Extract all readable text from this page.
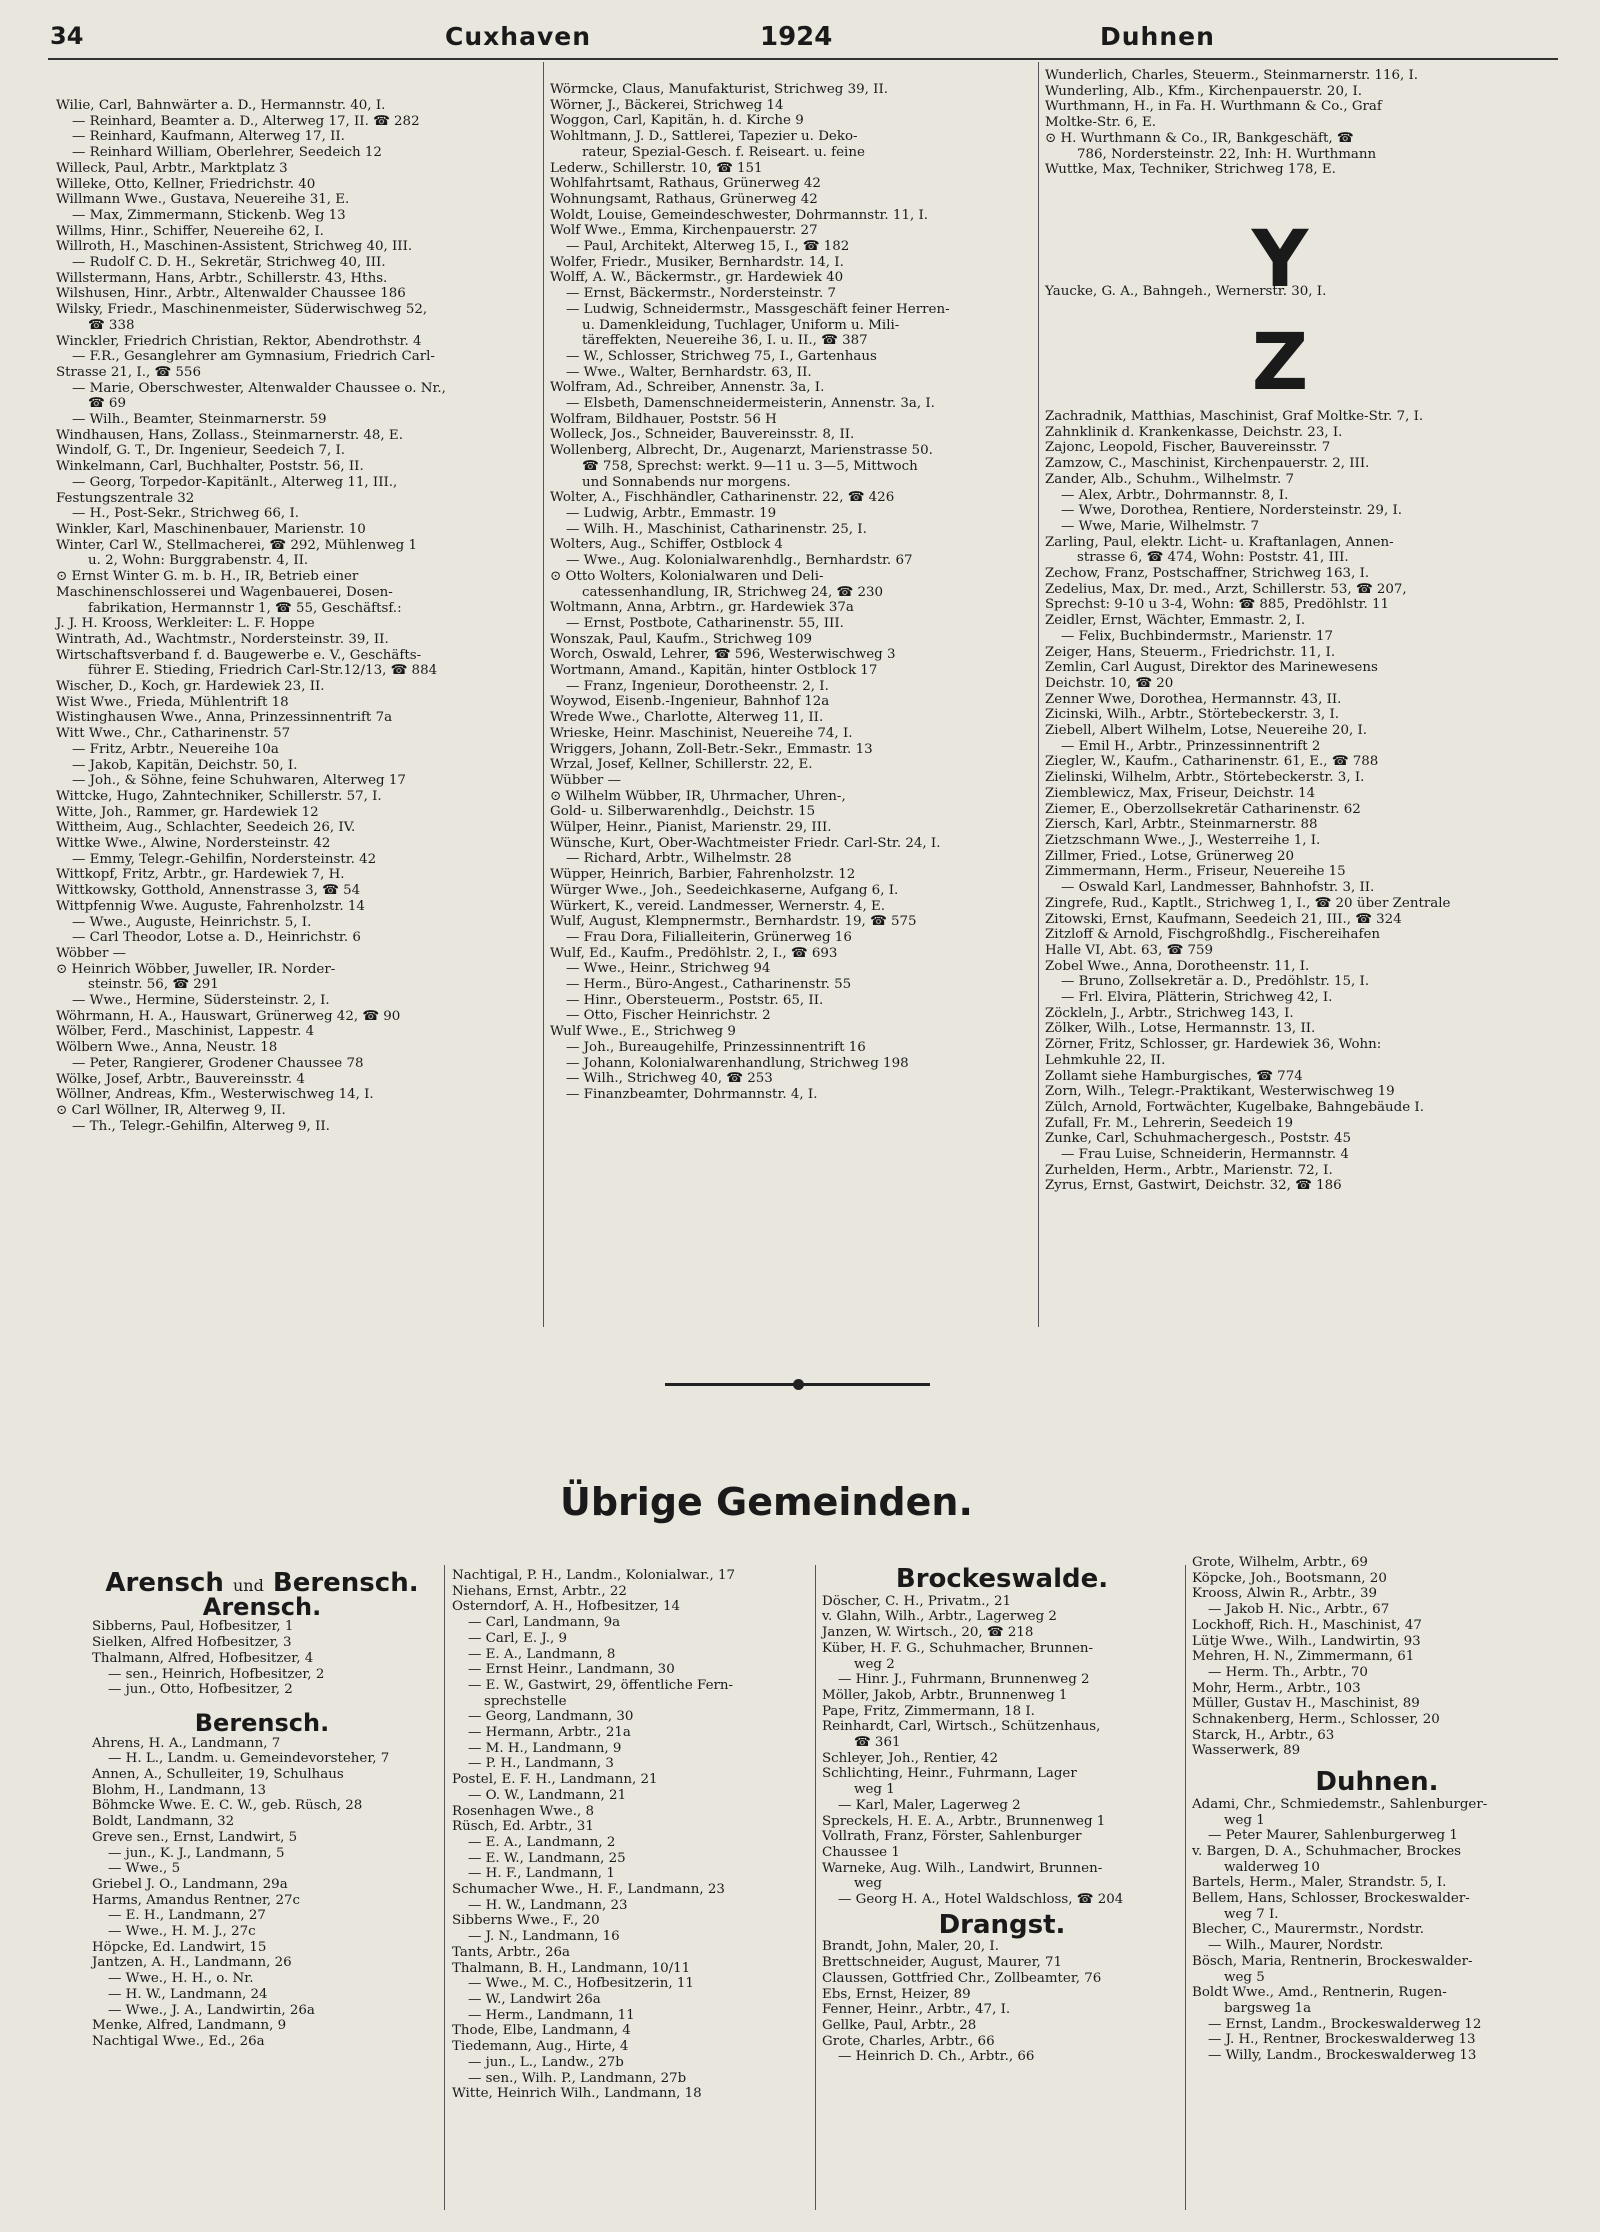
34	Cuxhaven	1924	Duhnen
Wilie, Carl, Bahnwärter a. D., Hermannstr. 40, I.
— Reinhard, Beamter a. D., Alterweg 17, II. ☎ 282
— Reinhard, Kaufmann, Alterweg 17, II.
— Reinhard William, Oberlehrer, Seedeich 12
Willeck, Paul, Arbtr., Marktplatz 3
Willeke, Otto, Kellner, Friedrichstr. 40
Willmann Wwe., Gustava, Neuereihe 31, E.
— Max, Zimmermann, Stickenb. Weg 13
Willms, Hinr., Schiffer, Neuereihe 62, I.
Willroth, H., Maschinen-Assistent, Strichweg 40, III.
— Rudolf C. D. H., Sekretär, Strichweg 40, III.
Willstermann, Hans, Arbtr., Schillerstr. 43, Hths.
Wilshusen, Hinr., Arbtr., Altenwalder Chaussee 186
Wilsky, Friedr., Maschinenmeister, Süderwischweg 52,
☎ 338
Winckler, Friedrich Christian, Rektor, Abendrothstr. 4
— F.R., Gesanglehrer am Gymnasium, Friedrich Carl-
Strasse 21, I., ☎ 556
— Marie, Oberschwester, Altenwalder Chaussee o. Nr.,
☎ 69
— Wilh., Beamter, Steinmarnerstr. 59
Windhausen, Hans, Zollass., Steinmarnerstr. 48, E.
Windolf, G. T., Dr. Ingenieur, Seedeich 7, I.
Winkelmann, Carl, Buchhalter, Poststr. 56, II.
— Georg, Torpedor-Kapitänlt., Alterweg 11, III.,
Festungszentrale 32
— H., Post-Sekr., Strichweg 66, I.
Winkler, Karl, Maschinenbauer, Marienstr. 10
Winter, Carl W., Stellmacherei, ☎ 292, Mühlenweg 1
u. 2, Wohn: Burggrabenstr. 4, II.
⊙ Ernst Winter G. m. b. H., IR, Betrieb einer
Maschinenschlosserei und Wagenbauerei, Dosen-
fabrikation, Hermannstr 1, ☎ 55, Geschäftsf.:
J. J. H. Krooss, Werkleiter: L. F. Hoppe
Wintrath, Ad., Wachtmstr., Nordersteinstr. 39, II.
Wirtschaftsverband f. d. Baugewerbe e. V., Geschäfts-
führer E. Stieding, Friedrich Carl-Str.12/13, ☎ 884
Wischer, D., Koch, gr. Hardewiek 23, II.
Wist Wwe., Frieda, Mühlentrift 18
Wistinghausen Wwe., Anna, Prinzessinnentrift 7a
Witt Wwe., Chr., Catharinenstr. 57
— Fritz, Arbtr., Neuereihe 10a
— Jakob, Kapitän, Deichstr. 50, I.
— Joh., & Söhne, feine Schuhwaren, Alterweg 17
Wittcke, Hugo, Zahntechniker, Schillerstr. 57, I.
Witte, Joh., Rammer, gr. Hardewiek 12
Wittheim, Aug., Schlachter, Seedeich 26, IV.
Wittke Wwe., Alwine, Nordersteinstr. 42
— Emmy, Telegr.-Gehilfin, Nordersteinstr. 42
Wittkopf, Fritz, Arbtr., gr. Hardewiek 7, H.
Wittkowsky, Gotthold, Annenstrasse 3, ☎ 54
Wittpfennig Wwe. Auguste, Fahrenholzstr. 14
— Wwe., Auguste, Heinrichstr. 5, I.
— Carl Theodor, Lotse a. D., Heinrichstr. 6
Wöbber —
⊙ Heinrich Wöbber, Juweller, IR. Norder-
steinstr. 56, ☎ 291
— Wwe., Hermine, Südersteinstr. 2, I.
Wöhrmann, H. A., Hauswart, Grünerweg 42, ☎ 90
Wölber, Ferd., Maschinist, Lappestr. 4
Wölbern Wwe., Anna, Neustr. 18
— Peter, Rangierer, Grodener Chaussee 78
Wölke, Josef, Arbtr., Bauvereinsstr. 4
Wöllner, Andreas, Kfm., Westerwischweg 14, I.
⊙ Carl Wöllner, IR, Alterweg 9, II.
— Th., Telegr.-Gehilfin, Alterweg 9, II.
Wörmcke, Claus, Manufakturist, Strichweg 39, II.
Wörner, J., Bäckerei, Strichweg 14
Woggon, Carl, Kapitän, h. d. Kirche 9
Wohltmann, J. D., Sattlerei, Tapezier u. Deko-
rateur, Spezial-Gesch. f. Reiseart. u. feine
Lederw., Schillerstr. 10, ☎ 151
Wohlfahrtsamt, Rathaus, Grünerweg 42
Wohnungsamt, Rathaus, Grünerweg 42
Woldt, Louise, Gemeindeschwester, Dohrmannstr. 11, I.
Wolf Wwe., Emma, Kirchenpauerstr. 27
— Paul, Architekt, Alterweg 15, I., ☎ 182
Wolfer, Friedr., Musiker, Bernhardstr. 14, I.
Wolff, A. W., Bäckermstr., gr. Hardewiek 40
— Ernst, Bäckermstr., Nordersteinstr. 7
— Ludwig, Schneidermstr., Massgeschäft feiner Herren-
u. Damenkleidung, Tuchlager, Uniform u. Mili-
täreffekten, Neuereihe 36, I. u. II., ☎ 387
— W., Schlosser, Strichweg 75, I., Gartenhaus
— Wwe., Walter, Bernhardstr. 63, II.
Wolfram, Ad., Schreiber, Annenstr. 3a, I.
— Elsbeth, Damenschneidermeisterin, Annenstr. 3a, I.
Wolfram, Bildhauer, Poststr. 56 H
Wolleck, Jos., Schneider, Bauvereinsstr. 8, II.
Wollenberg, Albrecht, Dr., Augenarzt, Marienstrasse 50.
☎ 758, Sprechst: werkt. 9—11 u. 3—5, Mittwoch
und Sonnabends nur morgens.
Wolter, A., Fischhändler, Catharinenstr. 22, ☎ 426
— Ludwig, Arbtr., Emmastr. 19
— Wilh. H., Maschinist, Catharinenstr. 25, I.
Wolters, Aug., Schiffer, Ostblock 4
— Wwe., Aug. Kolonialwarenhdlg., Bernhardstr. 67
⊙ Otto Wolters, Kolonialwaren und Deli-
catessenhandlung, IR, Strichweg 24, ☎ 230
Woltmann, Anna, Arbtrn., gr. Hardewiek 37a
— Ernst, Postbote, Catharinenstr. 55, III.
Wonszak, Paul, Kaufm., Strichweg 109
Worch, Oswald, Lehrer, ☎ 596, Westerwischweg 3
Wortmann, Amand., Kapitän, hinter Ostblock 17
— Franz, Ingenieur, Dorotheenstr. 2, I.
Woywod, Eisenb.-Ingenieur, Bahnhof 12a
Wrede Wwe., Charlotte, Alterweg 11, II.
Wrieske, Heinr. Maschinist, Neuereihe 74, I.
Wriggers, Johann, Zoll-Betr.-Sekr., Emmastr. 13
Wrzal, Josef, Kellner, Schillerstr. 22, E.
Wübber —
⊙ Wilhelm Wübber, IR, Uhrmacher, Uhren-,
Gold- u. Silberwarenhdlg., Deichstr. 15
Wülper, Heinr., Pianist, Marienstr. 29, III.
Wünsche, Kurt, Ober-Wachtmeister Friedr. Carl-Str. 24, I.
— Richard, Arbtr., Wilhelmstr. 28
Wüpper, Heinrich, Barbier, Fahrenholzstr. 12
Würger Wwe., Joh., Seedeichkaserne, Aufgang 6, I.
Würkert, K., vereid. Landmesser, Wernerstr. 4, E.
Wulf, August, Klempnermstr., Bernhardstr. 19, ☎ 575
— Frau Dora, Filialleiterin, Grünerweg 16
Wulf, Ed., Kaufm., Predöhlstr. 2, I., ☎ 693
— Wwe., Heinr., Strichweg 94
— Herm., Büro-Angest., Catharinenstr. 55
— Hinr., Obersteuerm., Poststr. 65, II.
— Otto, Fischer Heinrichstr. 2
Wulf Wwe., E., Strichweg 9
— Joh., Bureaugehilfe, Prinzessinnentrift 16
— Johann, Kolonialwarenhandlung, Strichweg 198
— Wilh., Strichweg 40, ☎ 253
— Finanzbeamter, Dohrmannstr. 4, I.
Wunderlich, Charles, Steuerm., Steinmarnerstr. 116, I.
Wunderling, Alb., Kfm., Kirchenpauerstr. 20, I.
Wurthmann, H., in Fa. H. Wurthmann & Co., Graf
Moltke-Str. 6, E.
⊙ H. Wurthmann & Co., IR, Bankgeschäft, ☎
786, Nordersteinstr. 22, Inh: H. Wurthmann
Wuttke, Max, Techniker, Strichweg 178, E.
Y
Yaucke, G. A., Bahngeh., Wernerstr. 30, I.
Z
Zachradnik, Matthias, Maschinist, Graf Moltke-Str. 7, I.
Zahnklinik d. Krankenkasse, Deichstr. 23, I.
Zajonc, Leopold, Fischer, Bauvereinsstr. 7
Zamzow, C., Maschinist, Kirchenpauerstr. 2, III.
Zander, Alb., Schuhm., Wilhelmstr. 7
— Alex, Arbtr., Dohrmannstr. 8, I.
— Wwe, Dorothea, Rentiere, Nordersteinstr. 29, I.
— Wwe, Marie, Wilhelmstr. 7
Zarling, Paul, elektr. Licht- u. Kraftanlagen, Annen-
strasse 6, ☎ 474, Wohn: Poststr. 41, III.
Zechow, Franz, Postschaffner, Strichweg 163, I.
Zedelius, Max, Dr. med., Arzt, Schillerstr. 53, ☎ 207,
Sprechst: 9-10 u 3-4, Wohn: ☎ 885, Predöhlstr. 11
Zeidler, Ernst, Wächter, Emmastr. 2, I.
— Felix, Buchbindermstr., Marienstr. 17
Zeiger, Hans, Steuerm., Friedrichstr. 11, I.
Zemlin, Carl August, Direktor des Marinewesens
Deichstr. 10, ☎ 20
Zenner Wwe, Dorothea, Hermannstr. 43, II.
Zicinski, Wilh., Arbtr., Störtebeckerstr. 3, I.
Ziebell, Albert Wilhelm, Lotse, Neuereihe 20, I.
— Emil H., Arbtr., Prinzessinnentrift 2
Ziegler, W., Kaufm., Catharinenstr. 61, E., ☎ 788
Zielinski, Wilhelm, Arbtr., Störtebeckerstr. 3, I.
Ziemblewicz, Max, Friseur, Deichstr. 14
Ziemer, E., Oberzollsekretär Catharinenstr. 62
Ziersch, Karl, Arbtr., Steinmarnerstr. 88
Zietzschmann Wwe., J., Westerreihe 1, I.
Zillmer, Fried., Lotse, Grünerweg 20
Zimmermann, Herm., Friseur, Neuereihe 15
— Oswald Karl, Landmesser, Bahnhofstr. 3, II.
Zingrefe, Rud., Kaptlt., Strichweg 1, I., ☎ 20 über Zentrale
Zitowski, Ernst, Kaufmann, Seedeich 21, III., ☎ 324
Zitzloff & Arnold, Fischgroßhdlg., Fischereihafen
Halle VI, Abt. 63, ☎ 759
Zobel Wwe., Anna, Dorotheenstr. 11, I.
— Bruno, Zollsekretär a. D., Predöhlstr. 15, I.
— Frl. Elvira, Plätterin, Strichweg 42, I.
Zöckleln, J., Arbtr., Strichweg 143, I.
Zölker, Wilh., Lotse, Hermannstr. 13, II.
Zörner, Fritz, Schlosser, gr. Hardewiek 36, Wohn:
Lehmkuhle 22, II.
Zollamt siehe Hamburgisches, ☎ 774
Zorn, Wilh., Telegr.-Praktikant, Westerwischweg 19
Zülch, Arnold, Fortwächter, Kugelbake, Bahngebäude I.
Zufall, Fr. M., Lehrerin, Seedeich 19
Zunke, Carl, Schuhmachergesch., Poststr. 45
— Frau Luise, Schneiderin, Hermannstr. 4
Zurhelden, Herm., Arbtr., Marienstr. 72, I.
Zyrus, Ernst, Gastwirt, Deichstr. 32, ☎ 186
Übrige Gemeinden.
Arensch und Berensch.
Arensch.
Sibberns, Paul, Hofbesitzer, 1
Sielken, Alfred Hofbesitzer, 3
Thalmann, Alfred, Hofbesitzer, 4
— sen., Heinrich, Hofbesitzer, 2
— jun., Otto, Hofbesitzer, 2
Berensch.
Ahrens, H. A., Landmann, 7
— H. L., Landm. u. Gemeindevorsteher, 7
Annen, A., Schulleiter, 19, Schulhaus
Blohm, H., Landmann, 13
Böhmcke Wwe. E. C. W., geb. Rüsch, 28
Boldt, Landmann, 32
Greve sen., Ernst, Landwirt, 5
— jun., K. J., Landmann, 5
— Wwe., 5
Griebel J. O., Landmann, 29a
Harms, Amandus Rentner, 27c
— E. H., Landmann, 27
— Wwe., H. M. J., 27c
Höpcke, Ed. Landwirt, 15
Jantzen, A. H., Landmann, 26
— Wwe., H. H., o. Nr.
— H. W., Landmann, 24
— Wwe., J. A., Landwirtin, 26a
Menke, Alfred, Landmann, 9
Nachtigal Wwe., Ed., 26a
Nachtigal, P. H., Landm., Kolonialwar., 17
Niehans, Ernst, Arbtr., 22
Osterndorf, A. H., Hofbesitzer, 14
— Carl, Landmann, 9a
— Carl, E. J., 9
— E. A., Landmann, 8
— Ernst Heinr., Landmann, 30
— E. W., Gastwirt, 29, öffentliche Fern-
sprechstelle
— Georg, Landmann, 30
— Hermann, Arbtr., 21a
— M. H., Landmann, 9
— P. H., Landmann, 3
Postel, E. F. H., Landmann, 21
— O. W., Landmann, 21
Rosenhagen Wwe., 8
Rüsch, Ed. Arbtr., 31
— E. A., Landmann, 2
— E. W., Landmann, 25
— H. F., Landmann, 1
Schumacher Wwe., H. F., Landmann, 23
— H. W., Landmann, 23
Sibberns Wwe., F., 20
— J. N., Landmann, 16
Tants, Arbtr., 26a
Thalmann, B. H., Landmann, 10/11
— Wwe., M. C., Hofbesitzerin, 11
— W., Landwirt 26a
— Herm., Landmann, 11
Thode, Elbe, Landmann, 4
Tiedemann, Aug., Hirte, 4
— jun., L., Landw., 27b
— sen., Wilh. P., Landmann, 27b
Witte, Heinrich Wilh., Landmann, 18
Brockeswalde.
Döscher, C. H., Privatm., 21
v. Glahn, Wilh., Arbtr., Lagerweg 2
Janzen, W. Wirtsch., 20, ☎ 218
Küber, H. F. G., Schuhmacher, Brunnen-
weg 2
— Hinr. J., Fuhrmann, Brunnenweg 2
Möller, Jakob, Arbtr., Brunnenweg 1
Pape, Fritz, Zimmermann, 18 I.
Reinhardt, Carl, Wirtsch., Schützenhaus,
☎ 361
Schleyer, Joh., Rentier, 42
Schlichting, Heinr., Fuhrmann, Lager
weg 1
— Karl, Maler, Lagerweg 2
Spreckels, H. E. A., Arbtr., Brunnenweg 1
Vollrath, Franz, Förster, Sahlenburger
Chaussee 1
Warneke, Aug. Wilh., Landwirt, Brunnen-
weg
— Georg H. A., Hotel Waldschloss, ☎ 204
Drangst.
Brandt, John, Maler, 20, I.
Brettschneider, August, Maurer, 71
Claussen, Gottfried Chr., Zollbeamter, 76
Ebs, Ernst, Heizer, 89
Fenner, Heinr., Arbtr., 47, I.
Gellke, Paul, Arbtr., 28
Grote, Charles, Arbtr., 66
— Heinrich D. Ch., Arbtr., 66
Grote, Wilhelm, Arbtr., 69
Köpcke, Joh., Bootsmann, 20
Krooss, Alwin R., Arbtr., 39
— Jakob H. Nic., Arbtr., 67
Lockhoff, Rich. H., Maschinist, 47
Lütje Wwe., Wilh., Landwirtin, 93
Mehren, H. N., Zimmermann, 61
— Herm. Th., Arbtr., 70
Mohr, Herm., Arbtr., 103
Müller, Gustav H., Maschinist, 89
Schnakenberg, Herm., Schlosser, 20
Starck, H., Arbtr., 63
Wasserwerk, 89
Duhnen.
Adami, Chr., Schmiedemstr., Sahlenburger-
weg 1
— Peter Maurer, Sahlenburgerweg 1
v. Bargen, D. A., Schuhmacher, Brockes
walderweg 10
Bartels, Herm., Maler, Strandstr. 5, I.
Bellem, Hans, Schlosser, Brockeswalder-
weg 7 I.
Blecher, C., Maurermstr., Nordstr.
— Wilh., Maurer, Nordstr.
Bösch, Maria, Rentnerin, Brockeswalder-
weg 5
Boldt Wwe., Amd., Rentnerin, Rugen-
bargsweg 1a
— Ernst, Landm., Brockeswalderweg 12
— J. H., Rentner, Brockeswalderweg 13
— Willy, Landm., Brockeswalderweg 13
